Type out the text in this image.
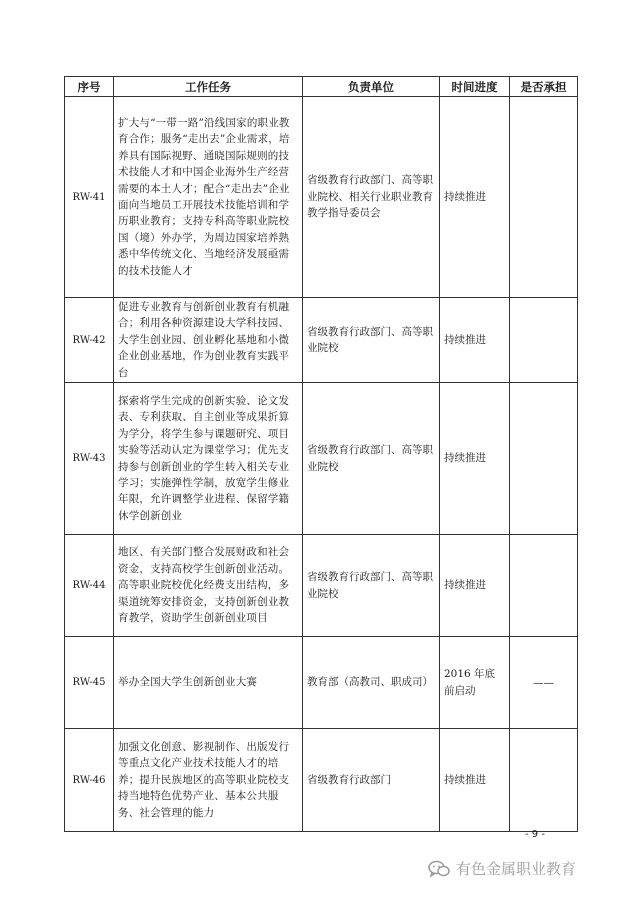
序号	工作任务	负责单位	时间进度	是否承担
RW-41	扩大与“一带一路”沿线国家的职业教育合作；服务“走出去”企业需求，培养具有国际视野、通晓国际规则的技术技能人才和中国企业海外生产经营需要的本土人才；配合“走出去”企业面向当地员工开展技术技能培训和学历职业教育；支持专科高等职业院校国（境）外办学，为周边国家培养熟悉中华传统文化、当地经济发展亟需的技术技能人才	省级教育行政部门、高等职业院校、相关行业职业教育教学指导委员会	持续推进	
RW-42	促进专业教育与创新创业教育有机融合；利用各种资源建设大学科技园、大学生创业园、创业孵化基地和小微企业创业基地，作为创业教育实践平台	省级教育行政部门、高等职业院校	持续推进	
RW-43	探索将学生完成的创新实验、论文发表、专利获取、自主创业等成果折算为学分，将学生参与课题研究、项目实验等活动认定为课堂学习；优先支持参与创新创业的学生转入相关专业学习；实施弹性学制，放宽学生修业年限，允许调整学业进程、保留学籍休学创新创业	省级教育行政部门、高等职业院校	持续推进	
RW-44	地区、有关部门整合发展财政和社会资金，支持高校学生创新创业活动。高等职业院校优化经费支出结构，多渠道统筹安排资金，支持创新创业教育教学，资助学生创新创业项目	省级教育行政部门、高等职业院校	持续推进	
RW-45	举办全国大学生创新创业大赛	教育部（高教司、职成司）	2016 年底前启动	——
RW-46	加强文化创意、影视制作、出版发行等重点文化产业技术技能人才的培养；提升民族地区的高等职业院校支持当地特色优势产业、基本公共服务、社会管理的能力	省级教育行政部门	持续推进	
- 9 -
有色金属职业教育
